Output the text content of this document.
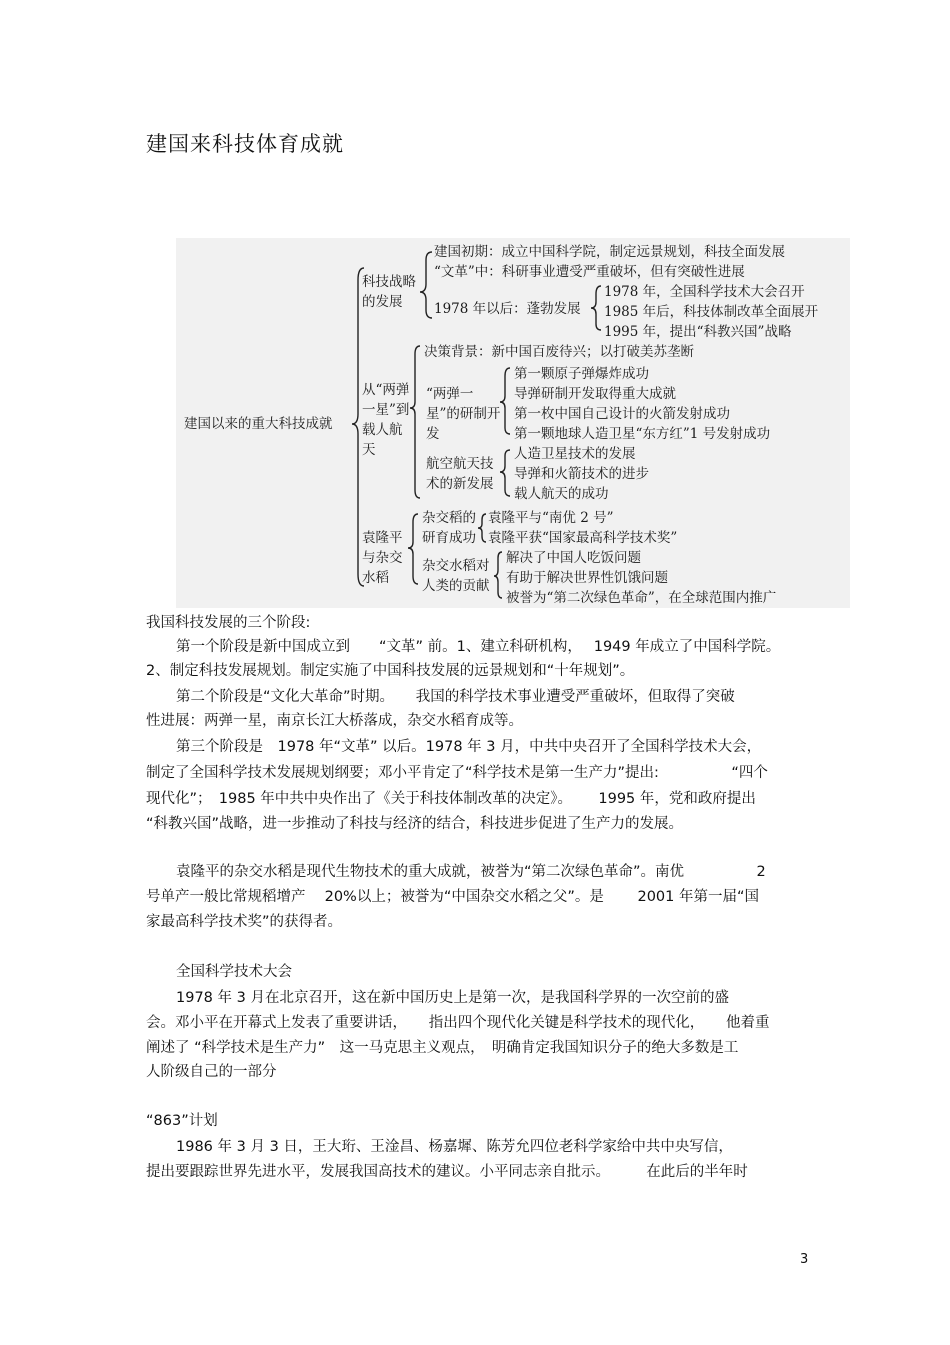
建国来科技体育成就
建国以来的重大科技成就
科技战略的发展
建国初期：成立中国科学院，制定远景规划，科技全面发展
“文革”中：科研事业遭受严重破坏，但有突破性进展
1978 年以后：蓬勃发展
1978 年，全国科学技术大会召开
1985 年后，科技体制改革全面展开
1995 年，提出“科教兴国”战略
从“两弹一星”到载人航天
决策背景：新中国百废待兴；以打破美苏垄断
“两弹一星”的研制开发
第一颗原子弹爆炸成功
导弹研制开发取得重大成就
第一枚中国自己设计的火箭发射成功
第一颗地球人造卫星“东方红”1 号发射成功
航空航天技术的新发展
人造卫星技术的发展
导弹和火箭技术的进步
载人航天的成功
袁隆平与杂交水稻
杂交稻的研育成功
袁隆平与“南优 2 号”
袁隆平获“国家最高科学技术奖”
杂交水稻对人类的贡献
解决了中国人吃饭问题
有助于解决世界性饥饿问题
被誉为“第二次绿色革命”，在全球范围内推广
我国科技发展的三个阶段:
第一个阶段是新中国成立到　　“文革” 前。1、建立科研机构，　 1949 年成立了中国科学院。
2、制定科技发展规划。制定实施了中国科技发展的远景规划和“十年规划”。
第二个阶段是“文化大革命”时期。　　我国的科学技术事业遭受严重破坏，但取得了突破
性进展：两弹一星，南京长江大桥落成，杂交水稻育成等。
第三个阶段是　1978 年“文革” 以后。1978 年 3 月，中共中央召开了全国科学技术大会，
制定了全国科学技术发展规划纲要；邓小平肯定了“科学技术是第一生产力”提出:　　　　　“四个
现代化”；　1985 年中共中央作出了《关于科技体制改革的决定》。　　 1995 年，党和政府提出
“科教兴国”战略，进一步推动了科技与经济的结合，科技进步促进了生产力的发展。
袁隆平的杂交水稻是现代生物技术的重大成就，被誉为“第二次绿色革命”。南优　　　　　2
号单产一般比常规稻增产　 20%以上；被誉为“中国杂交水稻之父”。是　　 2001 年第一届“国
家最高科学技术奖”的获得者。
全国科学技术大会
1978 年 3 月在北京召开，这在新中国历史上是第一次，是我国科学界的一次空前的盛
会。邓小平在开幕式上发表了重要讲话，　　指出四个现代化关键是科学技术的现代化，　　他着重
阐述了 “科学技术是生产力”　这一马克思主义观点，　明确肯定我国知识分子的绝大多数是工
人阶级自己的一部分
“863”计划
1986 年 3 月 3 日，王大珩、王淦昌、杨嘉墀、陈芳允四位老科学家给中共中央写信，
提出要跟踪世界先进水平，发展我国高技术的建议。小平同志亲自批示。　　　在此后的半年时
3
